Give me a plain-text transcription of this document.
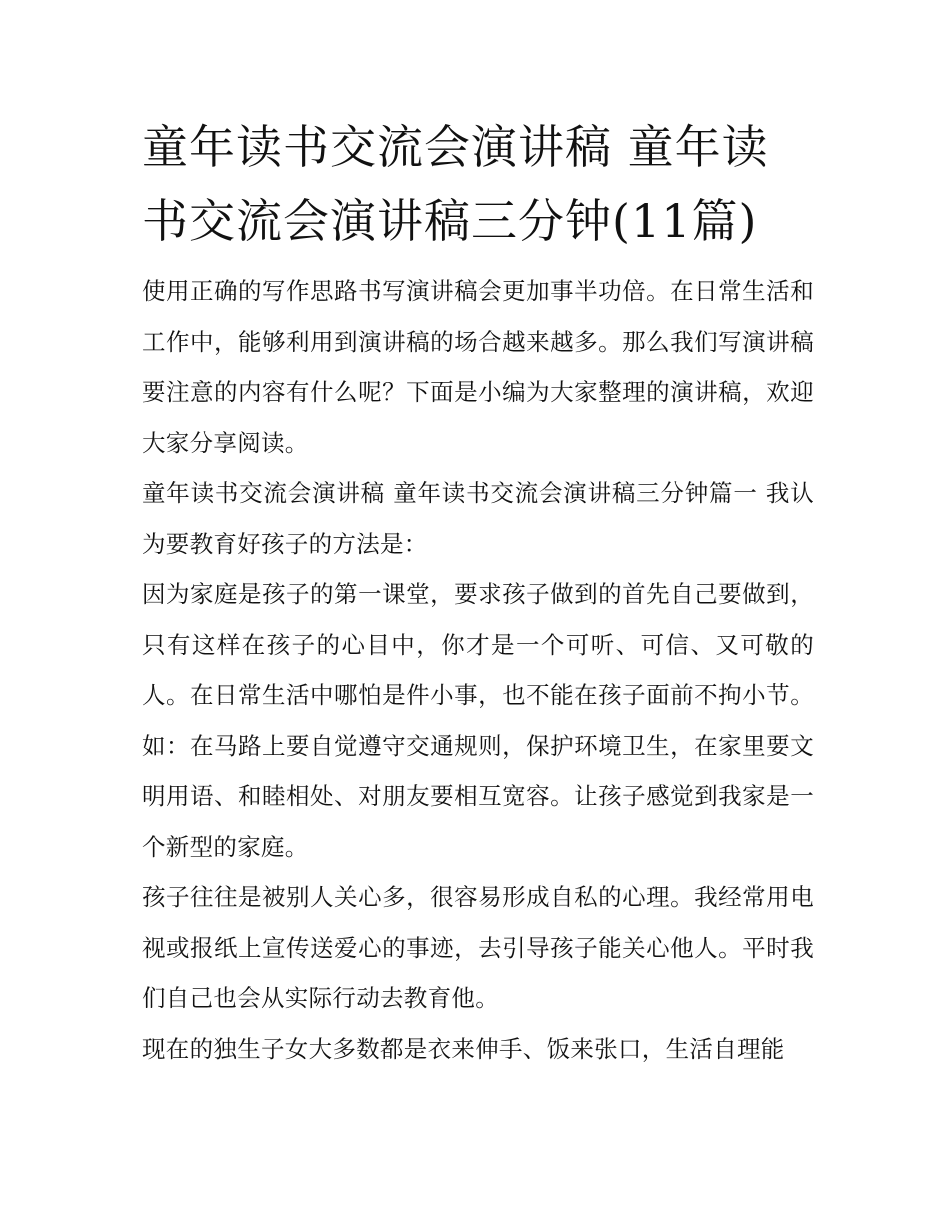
童年读书交流会演讲稿 童年读书交流会演讲稿三分钟(11篇)

使用正确的写作思路书写演讲稿会更加事半功倍。在日常生活和工作中，能够利用到演讲稿的场合越来越多。那么我们写演讲稿要注意的内容有什么呢？下面是小编为大家整理的演讲稿，欢迎大家分享阅读。

童年读书交流会演讲稿 童年读书交流会演讲稿三分钟篇一 我认为要教育好孩子的方法是：

因为家庭是孩子的第一课堂，要求孩子做到的首先自己要做到，只有这样在孩子的心目中，你才是一个可听、可信、又可敬的人。在日常生活中哪怕是件小事，也不能在孩子面前不拘小节。如：在马路上要自觉遵守交通规则，保护环境卫生，在家里要文明用语、和睦相处、对朋友要相互宽容。让孩子感觉到我家是一个新型的家庭。

孩子往往是被别人关心多，很容易形成自私的心理。我经常用电视或报纸上宣传送爱心的事迹，去引导孩子能关心他人。平时我们自己也会从实际行动去教育他。

现在的独生子女大多数都是衣来伸手、饭来张口，生活自理能
